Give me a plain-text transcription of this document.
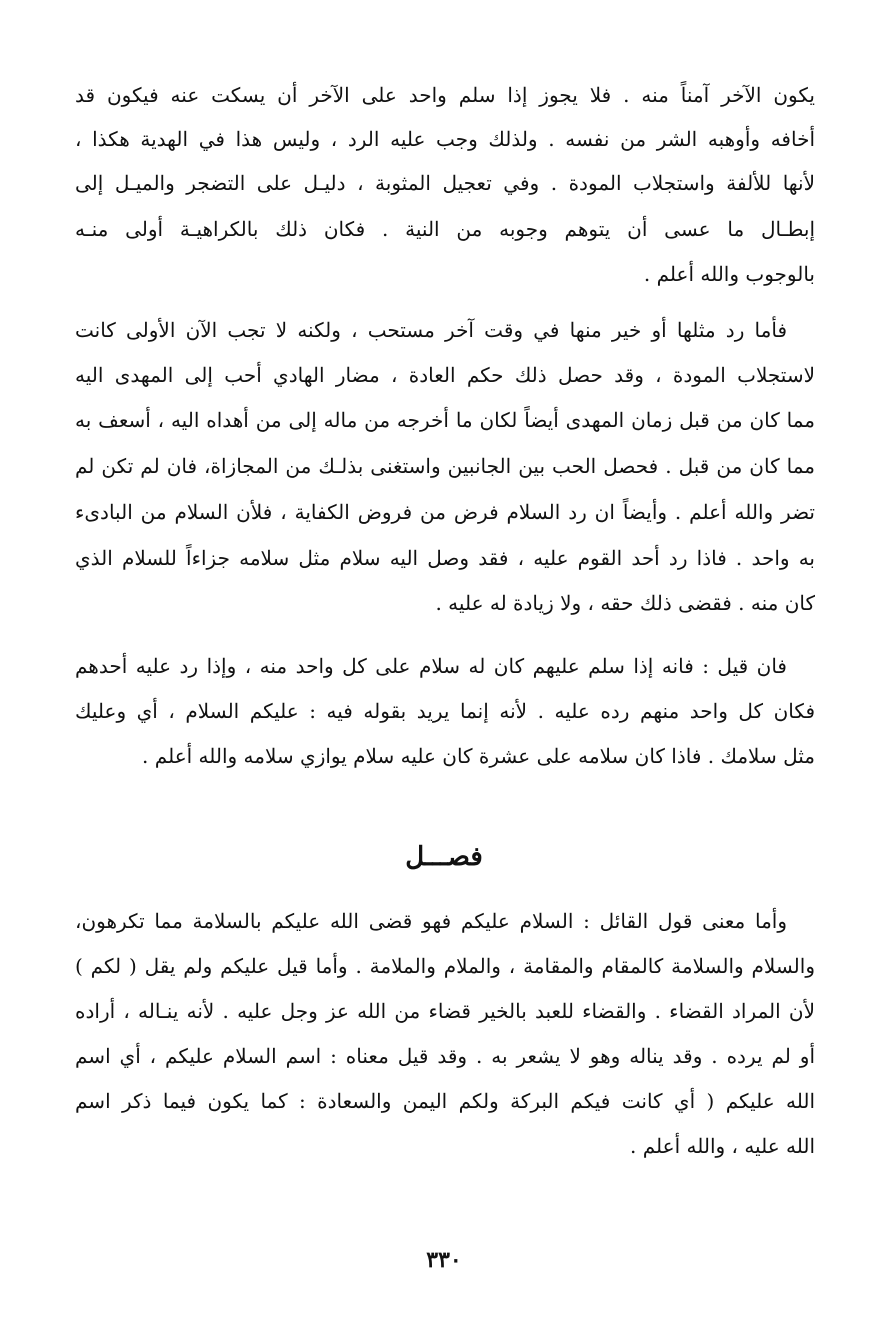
يكون الآخر آمناً منه . فلا يجوز إذا سلم واحد على الآخر أن يسكت عنه فيكون قد
أخافه وأوهبه الشر من نفسه . ولذلك وجب عليه الرد ، وليس هذا في الهدية هكذا ،
لأنها للألفة واستجلاب المودة . وفي تعجيل المثوبة ، دليـل على التضجر والميـل إلى
إبطـال ما عسى أن يتوهم وجوبه من النية . فكان ذلك بالكراهيـة أولى منـه
بالوجوب والله أعلم .
فأما رد مثلها أو خير منها في وقت آخر مستحب ، ولكنه لا تجب الآن الأولى كانت
لاستجلاب المودة ، وقد حصل ذلك حكم العادة ، مضار الهادي أحب إلى المهدى اليه
مما كان من قبل زمان المهدى أيضاً لكان ما أخرجه من ماله إلى من أهداه اليه ، أسعف به
مما كان من قبل . فحصل الحب بين الجانبين واستغنى بذلـك من المجازاة، فان لم تكن لم
تضر والله أعلم . وأيضاً ان رد السلام فرض من فروض الكفاية ، فلأن السلام من البادىء
به واحد . فاذا رد أحد القوم عليه ، فقد وصل اليه سلام مثل سلامه جزاءاً للسلام الذي
كان منه . فقضى ذلك حقه ، ولا زيادة له عليه .
فان قيل : فانه إذا سلم عليهم كان له سلام على كل واحد منه ، وإذا رد عليه أحدهم
فكان كل واحد منهم رده عليه . لأنه إنما يريد بقوله فيه : عليكم السلام ، أي وعليك
مثل سلامك . فاذا كان سلامه على عشرة كان عليه سلام يوازي سلامه والله أعلم .
فصـــل
وأما معنى قول القائل : السلام عليكم فهو قضى الله عليكم بالسلامة مما تكرهون،
والسلام والسلامة كالمقام والمقامة ، والملام والملامة . وأما قيل عليكم ولم يقل ( لكم )
لأن المراد القضاء . والقضاء للعبد بالخير قضاء من الله عز وجل عليه . لأنه ينـاله ، أراده
أو لم يرده . وقد يناله وهو لا يشعر به . وقد قيل معناه : اسم السلام عليكم ، أي اسم
الله عليكم ( أي كانت فيكم البركة ولكم اليمن والسعادة : كما يكون فيما ذكر اسم
الله عليه ، والله أعلم .
٣٣٠
